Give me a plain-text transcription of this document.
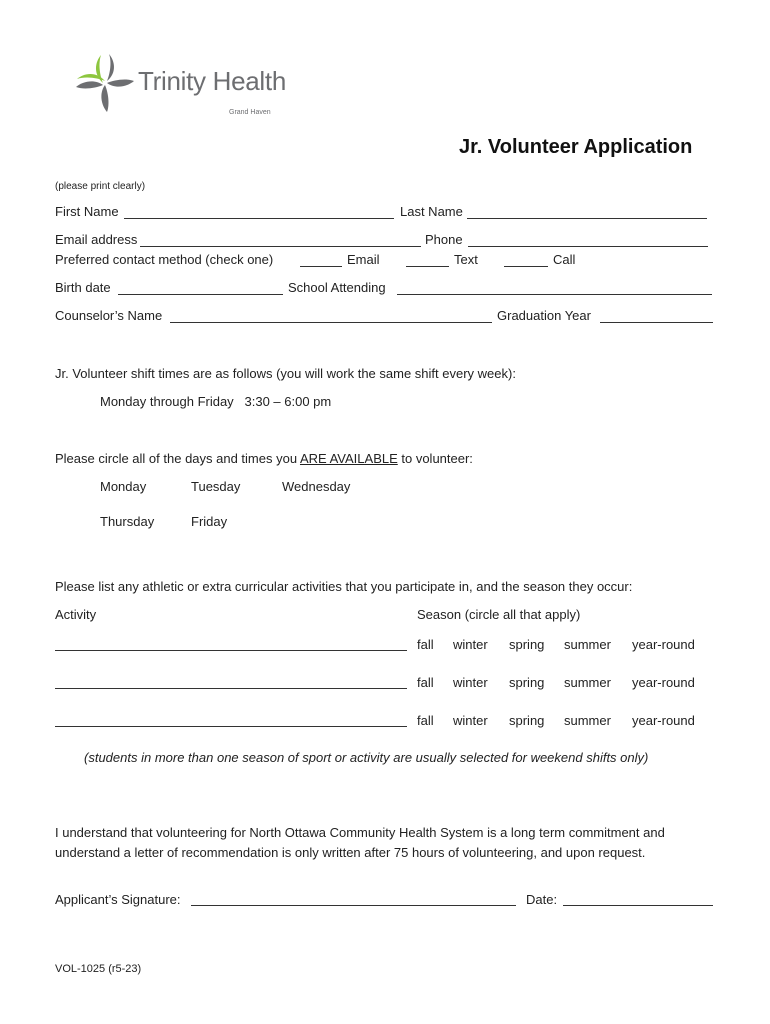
Trinity Health
Grand Haven
Jr. Volunteer Application
(please print clearly)
First Name	Last Name
Email address	Phone
Preferred contact method (check one)	Email	Text	Call
Birth date	School Attending
Counselor’s Name	Graduation Year
Jr. Volunteer shift times are as follows (you will work the same shift every week):
Monday through Friday   3:30 – 6:00 pm
Please circle all of the days and times you ARE AVAILABLE to volunteer:
Monday	Tuesday	Wednesday
Thursday	Friday
Please list any athletic or extra curricular activities that you participate in, and the season they occur:
Activity	Season (circle all that apply)
fall winter spring summer year-round
fall winter spring summer year-round
fall winter spring summer year-round
(students in more than one season of sport or activity are usually selected for weekend shifts only)
I understand that volunteering for North Ottawa Community Health System is a long term commitment and
understand a letter of recommendation is only written after 75 hours of volunteering, and upon request.
Applicant’s Signature:	Date:
VOL-1025 (r5-23)
